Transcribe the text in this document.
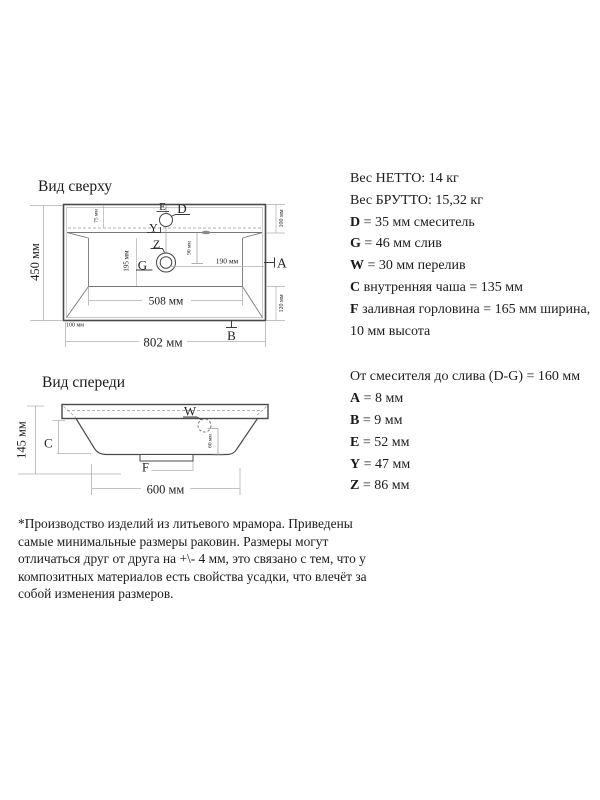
Вид сверху
450 мм
802 мм
508 мм
100 мм
100 мм
120 мм
75 мм
195 мм
90 мм
190 мм
E D
Y
Z
G	A
B
Вид спереди
W
60 мм
C
145 мм
600 мм
F
Вес НЕТТО: 14 кг
Вес БРУТТО: 15,32 кг
D = 35 мм смеситель
G = 46 мм слив
W = 30 мм перелив
C внутренняя чаша = 135 мм
F заливная горловина = 165 мм ширина,
10 мм высота
От смесителя до слива (D-G) = 160 мм
A = 8 мм
B = 9 мм
E = 52 мм
Y = 47 мм
Z = 86 мм
*Производство изделий из литьевого мрамора. Приведены
самые минимальные размеры раковин. Размеры могут
отличаться друг от друга на +\- 4 мм, это связано с тем, что у
композитных материалов есть свойства усадки, что влечёт за
собой изменения размеров.
